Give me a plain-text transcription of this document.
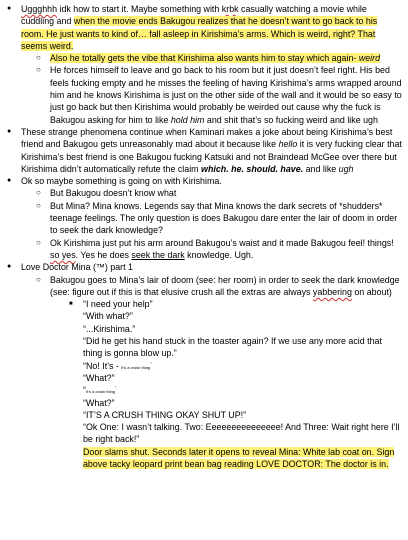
● Uggghhh idk how to start it. Maybe something with krbk casually watching a movie while cuddling and when the movie ends Bakugou realizes that he doesn’t want to go back to his room. He just wants to kind of… fall asleep in Kirishima’s arms. Which is weird, right? That seems weird.
○ Also he totally gets the vibe that Kirishima also wants him to stay which again- weird
○ He forces himself to leave and go back to his room but it just doesn’t feel right. His bed feels fucking empty and he misses the feeling of having Kirishima’s arms wrapped around him and he knows Kirishima is just on the other side of the wall and it would be so easy to just go back but then Kirishima would probably be weirded out cause why the fuck is Bakugou asking for him to like hold him and shit that’s so fucking weird and like ugh
● These strange phenomena continue when Kaminari makes a joke about being Kirishima’s best friend and Bakugou gets unreasonably mad about it because like hello it is very fucking clear that Kirishima’s best friend is one Bakugou fucking Katsuki and not Braindead McGee over there but Kirishima didn’t automatically refute the claim which. he. should. have. and like ugh
● Ok so maybe something is going on with Kirishima.
○ But Bakugou doesn’t know what
○ But Mina? Mina knows. Legends say that Mina knows the dark secrets of *shudders* teenage feelings. The only question is does Bakugou dare enter the lair of doom in order to seek the dark knowledge?
○ Ok Kirishima just put his arm around Bakugou’s waist and it made Bakugou feel! things! so yes. Yes he does seek the dark knowledge. Ugh.
● Love Doctor Mina (™) part 1
○ Bakugou goes to Mina’s lair of doom (see: her room) in order to seek the dark knowledge (see: figure out if this is that elusive crush all the extras are always yabbering on about)

■ “I need your help”

“With what?”

“...Kirishima.”

“Did he get his hand stuck in the toaster again? If we use any more acid that thing is gonna blow up.”

“No! It’s - it’s a crush thing”

“What?”

“It’s a crush thing”

“What?”

“IT’S A CRUSH THING OKAY SHUT UP!”

“Ok One: I wasn’t talking. Two: Eeeeeeeeeeeeeee! And Three: Wait right here I’ll be right back!”

Door slams shut. Seconds later it opens to reveal Mina: White lab coat on. Sign above tacky leopard print bean bag reading LOVE DOCTOR: The doctor is in.
